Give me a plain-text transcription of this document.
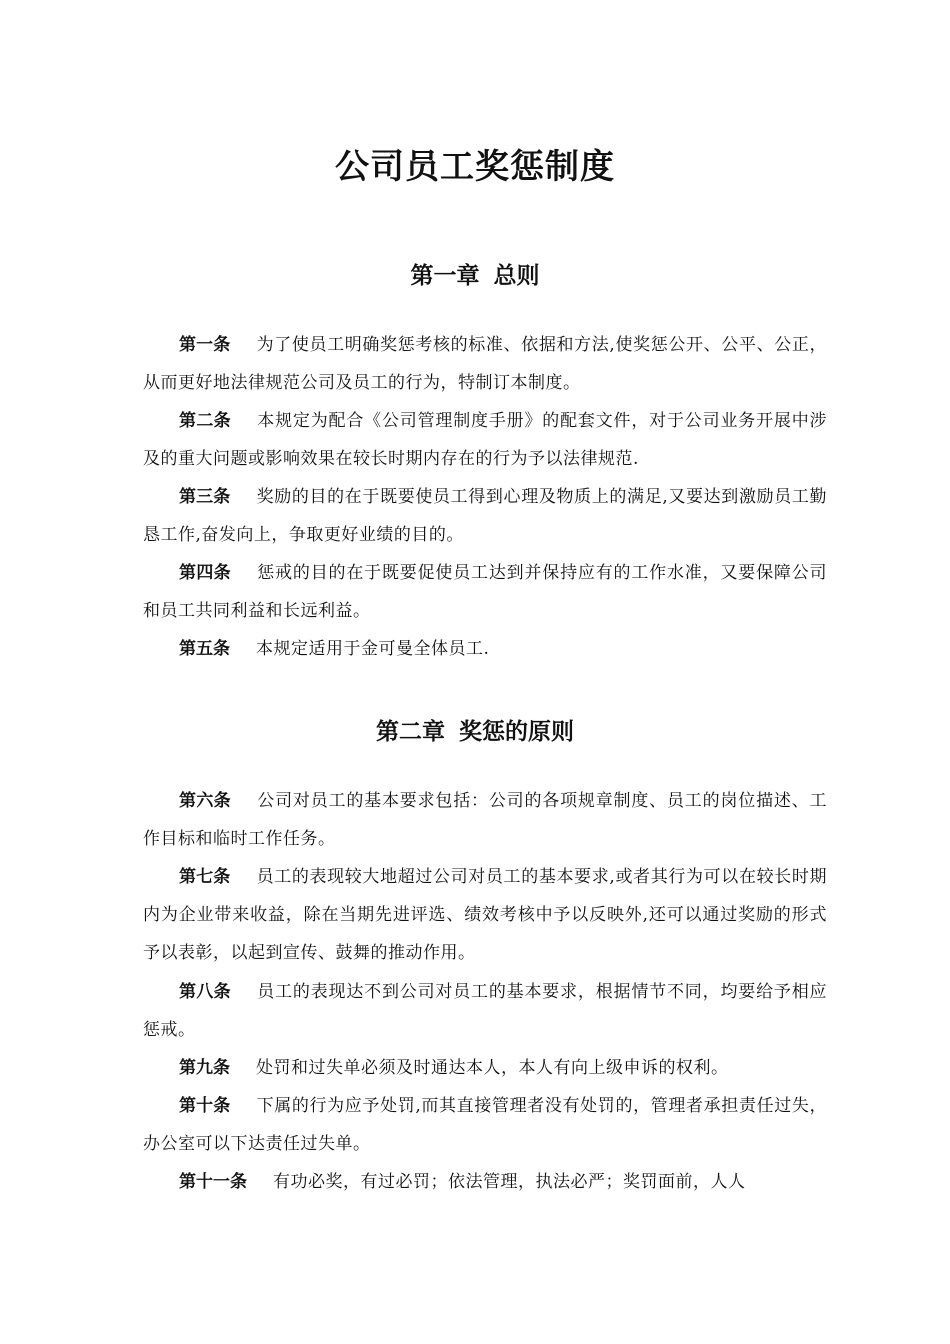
公司员工奖惩制度
第一章 总则

第一条 为了使员工明确奖惩考核的标准、依据和方法,使奖惩公开、公平、公正，从而更好地法律规范公司及员工的行为，特制订本制度。

第二条 本规定为配合《公司管理制度手册》的配套文件，对于公司业务开展中涉及的重大问题或影响效果在较长时期内存在的行为予以法律规范.

第三条 奖励的目的在于既要使员工得到心理及物质上的满足,又要达到激励员工勤恳工作,奋发向上，争取更好业绩的目的。

第四条 惩戒的目的在于既要促使员工达到并保持应有的工作水准，又要保障公司和员工共同利益和长远利益。

第五条 本规定适用于金可曼全体员工.

第二章 奖惩的原则

第六条 公司对员工的基本要求包括：公司的各项规章制度、员工的岗位描述、工作目标和临时工作任务。

第七条 员工的表现较大地超过公司对员工的基本要求,或者其行为可以在较长时期内为企业带来收益，除在当期先进评选、绩效考核中予以反映外,还可以通过奖励的形式予以表彰，以起到宣传、鼓舞的推动作用。

第八条 员工的表现达不到公司对员工的基本要求，根据情节不同，均要给予相应惩戒。

第九条 处罚和过失单必须及时通达本人，本人有向上级申诉的权利。

第十条 下属的行为应予处罚,而其直接管理者没有处罚的，管理者承担责任过失，办公室可以下达责任过失单。

第十一条 有功必奖，有过必罚；依法管理，执法必严；奖罚面前，人人
